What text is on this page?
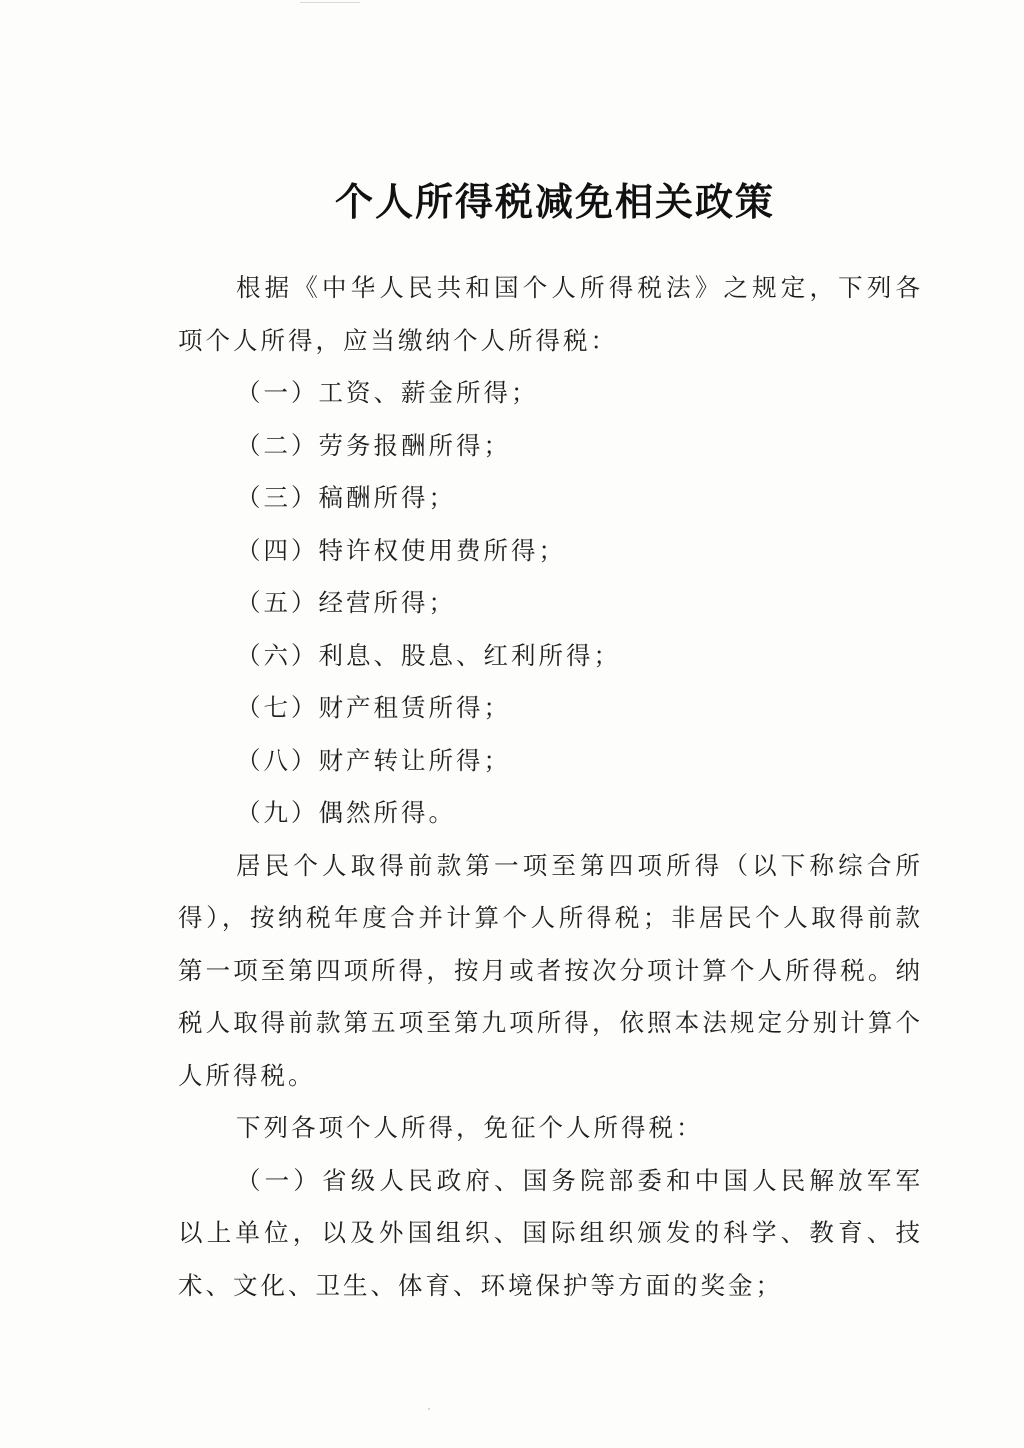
个人所得税减免相关政策

根据《中华人民共和国个人所得税法》之规定，下列各项个人所得，应当缴纳个人所得税：

（一）工资、薪金所得；

（二）劳务报酬所得；

（三）稿酬所得；

（四）特许权使用费所得；

（五）经营所得；

（六）利息、股息、红利所得；

（七）财产租赁所得；

（八）财产转让所得；

（九）偶然所得。

居民个人取得前款第一项至第四项所得（以下称综合所得），按纳税年度合并计算个人所得税；非居民个人取得前款第一项至第四项所得，按月或者按次分项计算个人所得税。纳税人取得前款第五项至第九项所得，依照本法规定分别计算个人所得税。

下列各项个人所得，免征个人所得税：

（一）省级人民政府、国务院部委和中国人民解放军军以上单位，以及外国组织、国际组织颁发的科学、教育、技术、文化、卫生、体育、环境保护等方面的奖金；
